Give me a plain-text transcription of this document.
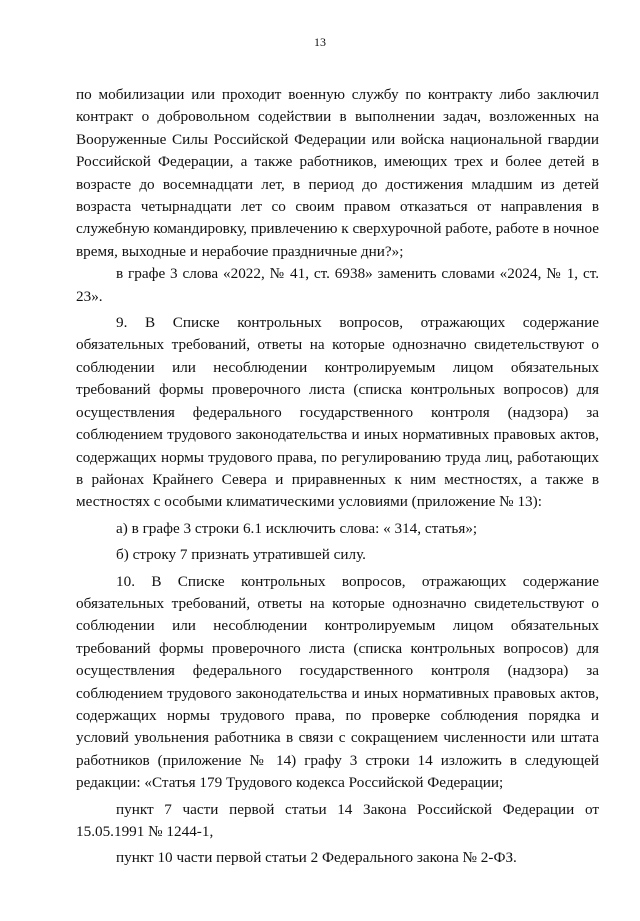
13

по мобилизации или проходит военную службу по контракту либо заключил контракт о добровольном содействии в выполнении задач, возложенных на Вооруженные Силы Российской Федерации или войска национальной гвардии Российской Федерации, а также работников, имеющих трех и более детей в возрасте до восемнадцати лет, в период до достижения младшим из детей возраста четырнадцати лет со своим правом отказаться от направления в служебную командировку, привлечению к сверхурочной работе, работе в ночное время, выходные и нерабочие праздничные дни?»;

в графе 3 слова «2022, № 41, ст. 6938» заменить словами «2024, № 1, ст. 23».

9. В Списке контрольных вопросов, отражающих содержание обязательных требований, ответы на которые однозначно свидетельствуют о соблюдении или несоблюдении контролируемым лицом обязательных требований формы проверочного листа (списка контрольных вопросов) для осуществления федерального государственного контроля (надзора) за соблюдением трудового законодательства и иных нормативных правовых актов, содержащих нормы трудового права, по регулированию труда лиц, работающих в районах Крайнего Севера и приравненных к ним местностях, а также в местностях с особыми климатическими условиями (приложение № 13):

а) в графе 3 строки 6.1 исключить слова: « 314, статья»;

б) строку 7 признать утратившей силу.

10. В Списке контрольных вопросов, отражающих содержание обязательных требований, ответы на которые однозначно свидетельствуют о соблюдении или несоблюдении контролируемым лицом обязательных требований формы проверочного листа (списка контрольных вопросов) для осуществления федерального государственного контроля (надзора) за соблюдением трудового законодательства и иных нормативных правовых актов, содержащих нормы трудового права, по проверке соблюдения порядка и условий увольнения работника в связи с сокращением численности или штата работников (приложение № 14) графу 3 строки 14 изложить в следующей редакции: «Статья 179 Трудового кодекса Российской Федерации;

пункт 7 части первой статьи 14 Закона Российской Федерации от 15.05.1991 № 1244-1,

пункт 10 части первой статьи 2 Федерального закона № 2-ФЗ.
